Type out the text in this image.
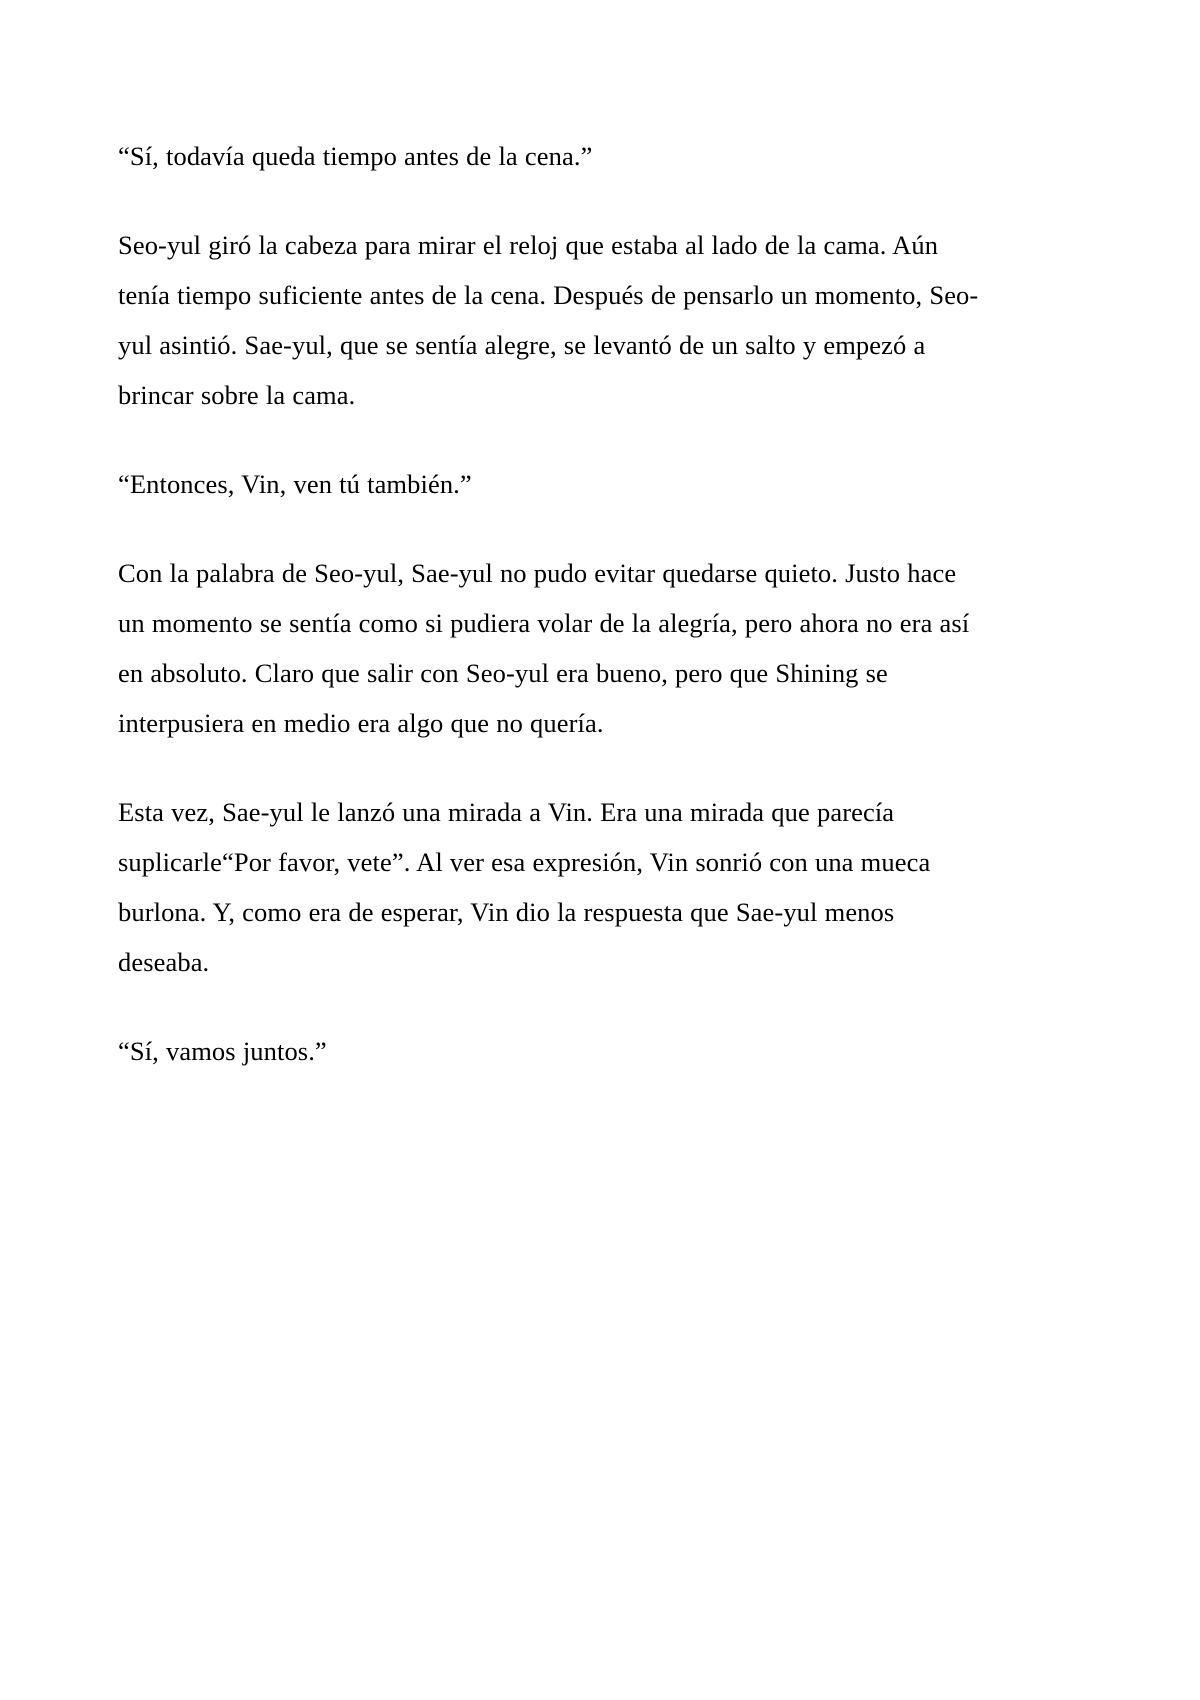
“Sí, todavía queda tiempo antes de la cena.”

Seo-yul giró la cabeza para mirar el reloj que estaba al lado de la cama. Aún tenía tiempo suficiente antes de la cena. Después de pensarlo un momento, Seo-yul asintió. Sae-yul, que se sentía alegre, se levantó de un salto y empezó a brincar sobre la cama.

“Entonces, Vin, ven tú también.”

Con la palabra de Seo-yul, Sae-yul no pudo evitar quedarse quieto. Justo hace un momento se sentía como si pudiera volar de la alegría, pero ahora no era así en absoluto. Claro que salir con Seo-yul era bueno, pero que Shining se interpusiera en medio era algo que no quería.

Esta vez, Sae-yul le lanzó una mirada a Vin. Era una mirada que parecía suplicarle“Por favor, vete”. Al ver esa expresión, Vin sonrió con una mueca burlona. Y, como era de esperar, Vin dio la respuesta que Sae-yul menos deseaba.

“Sí, vamos juntos.”
